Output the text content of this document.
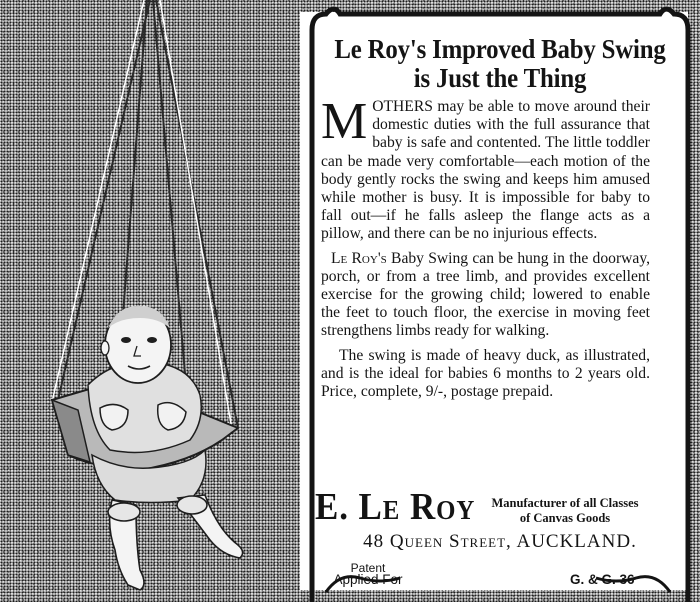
Le Roy's Improved Baby Swing
is Just the Thing

MOTHERS may be able to move around their domestic duties with the full assurance that baby is safe and contented. The little toddler can be made very comfortable—each motion of the body gently rocks the swing and keeps him amused while mother is busy. It is impossible for baby to fall out—if he falls asleep the flange acts as a pillow, and there can be no injurious effects.

Le Roy's Baby Swing can be hung in the doorway, porch, or from a tree limb, and provides excellent exercise for the growing child; lowered to enable the feet to touch floor, the exercise in moving feet strengthens limbs ready for walking.

The swing is made of heavy duck, as illustrated, and is the ideal for babies 6 months to 2 years old. Price, complete, 9/-, postage prepaid.

E. Le Roy	Manufacturer of all Classes
of Canvas Goods
48 Queen Street, AUCKLAND.
Patent
Applied For	G. & G. 36
